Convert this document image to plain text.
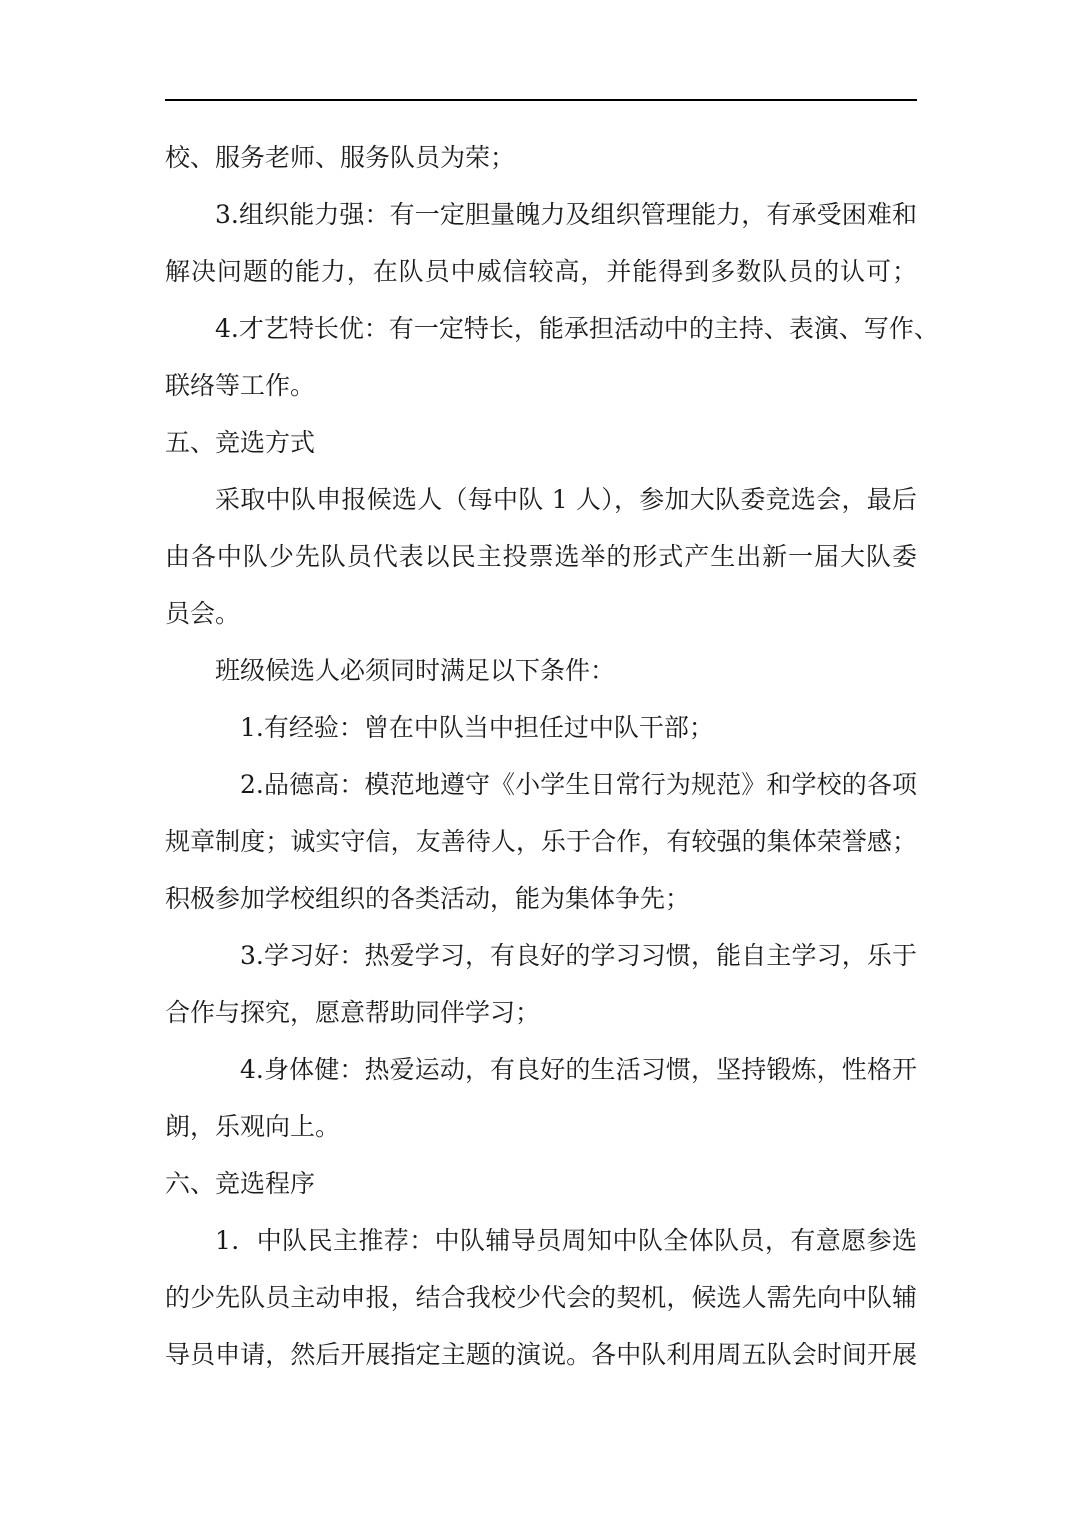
校、服务老师、服务队员为荣；
3.组织能力强：有一定胆量魄力及组织管理能力，有承受困难和
解决问题的能力，在队员中威信较高，并能得到多数队员的认可；
4.才艺特长优：有一定特长，能承担活动中的主持、表演、写作、
联络等工作。
五、竞选方式
采取中队申报候选人（每中队 1 人），参加大队委竞选会，最后
由各中队少先队员代表以民主投票选举的形式产生出新一届大队委
员会。
班级候选人必须同时满足以下条件：
1.有经验：曾在中队当中担任过中队干部；
2.品德高：模范地遵守《小学生日常行为规范》和学校的各项
规章制度；诚实守信，友善待人，乐于合作，有较强的集体荣誉感；
积极参加学校组织的各类活动，能为集体争先；
3.学习好：热爱学习，有良好的学习习惯，能自主学习，乐于
合作与探究，愿意帮助同伴学习；
4.身体健：热爱运动，有良好的生活习惯，坚持锻炼，性格开
朗，乐观向上。
六、竞选程序
1．中队民主推荐：中队辅导员周知中队全体队员，有意愿参选
的少先队员主动申报，结合我校少代会的契机，候选人需先向中队辅
导员申请，然后开展指定主题的演说。各中队利用周五队会时间开展
